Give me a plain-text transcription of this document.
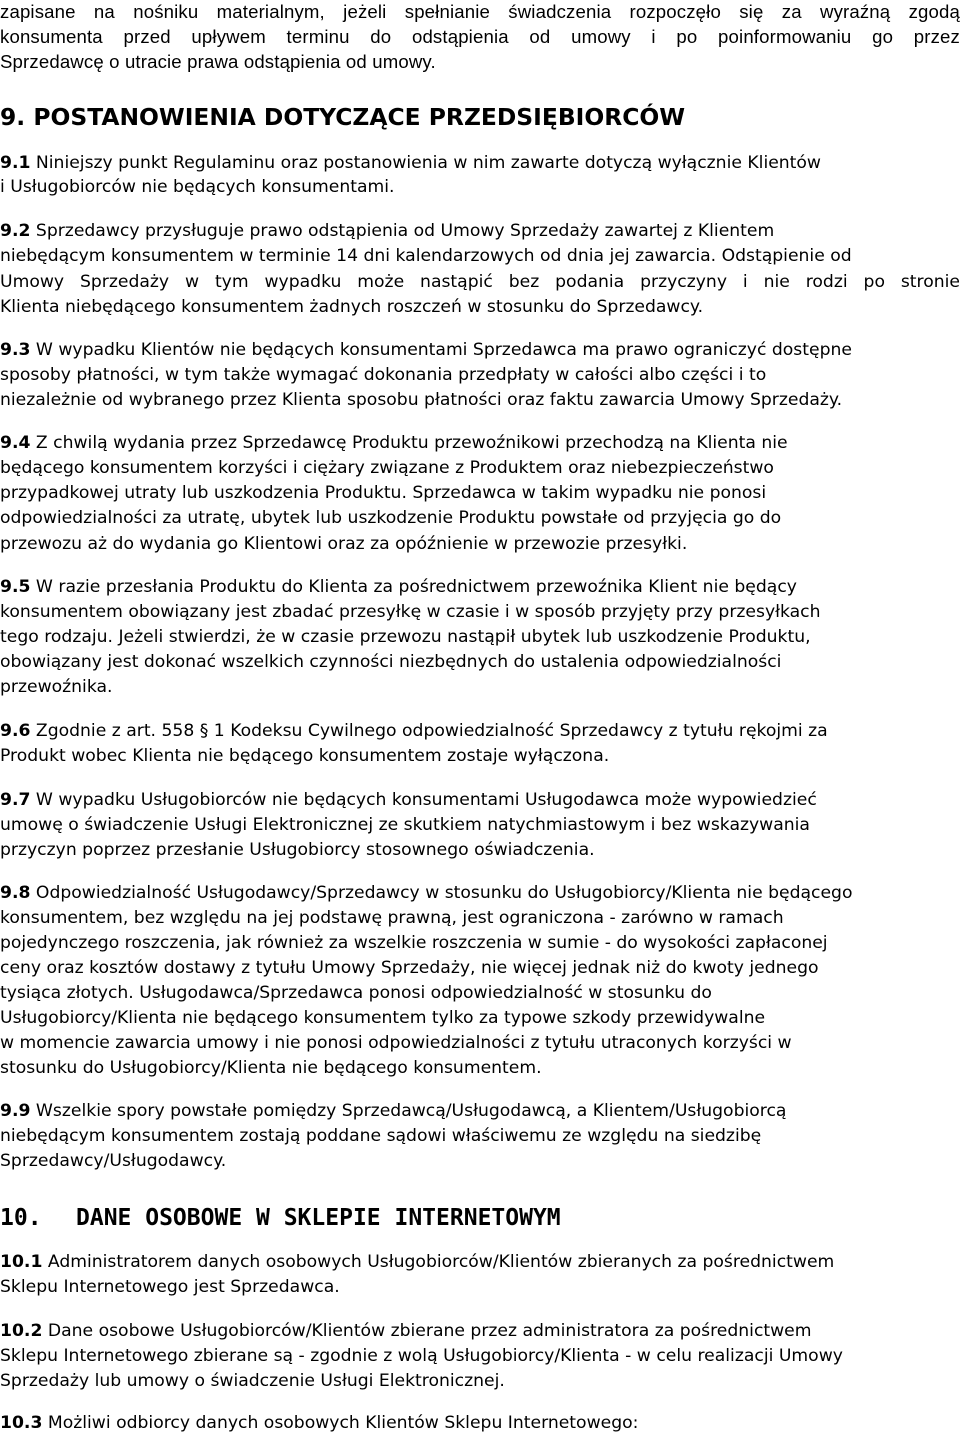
zapisane na nośniku materialnym, jeżeli spełnianie świadczenia rozpoczęło się za wyraźną zgodą
konsumenta przed upływem terminu do odstąpienia od umowy i po poinformowaniu go przez
Sprzedawcę o utracie prawa odstąpienia od umowy.
9. POSTANOWIENIA DOTYCZĄCE PRZEDSIĘBIORCÓW
9.1 Niniejszy punkt Regulaminu oraz postanowienia w nim zawarte dotyczą wyłącznie Klientów
i Usługobiorców nie będących konsumentami.
9.2 Sprzedawcy przysługuje prawo odstąpienia od Umowy Sprzedaży zawartej z Klientem
niebędącym konsumentem w terminie 14 dni kalendarzowych od dnia jej zawarcia. Odstąpienie od
Umowy Sprzedaży w tym wypadku może nastąpić bez podania przyczyny i nie rodzi po stronie
Klienta niebędącego konsumentem żadnych roszczeń w stosunku do Sprzedawcy.
9.3 W wypadku Klientów nie będących konsumentami Sprzedawca ma prawo ograniczyć dostępne
sposoby płatności, w tym także wymagać dokonania przedpłaty w całości albo części i to
niezależnie od wybranego przez Klienta sposobu płatności oraz faktu zawarcia Umowy Sprzedaży.
9.4 Z chwilą wydania przez Sprzedawcę Produktu przewoźnikowi przechodzą na Klienta nie
będącego konsumentem korzyści i ciężary związane z Produktem oraz niebezpieczeństwo
przypadkowej utraty lub uszkodzenia Produktu. Sprzedawca w takim wypadku nie ponosi
odpowiedzialności za utratę, ubytek lub uszkodzenie Produktu powstałe od przyjęcia go do
przewozu aż do wydania go Klientowi oraz za opóźnienie w przewozie przesyłki.
9.5 W razie przesłania Produktu do Klienta za pośrednictwem przewoźnika Klient nie będący
konsumentem obowiązany jest zbadać przesyłkę w czasie i w sposób przyjęty przy przesyłkach
tego rodzaju. Jeżeli stwierdzi, że w czasie przewozu nastąpił ubytek lub uszkodzenie Produktu,
obowiązany jest dokonać wszelkich czynności niezbędnych do ustalenia odpowiedzialności
przewoźnika.
9.6 Zgodnie z art. 558 § 1 Kodeksu Cywilnego odpowiedzialność Sprzedawcy z tytułu rękojmi za
Produkt wobec Klienta nie będącego konsumentem zostaje wyłączona.
9.7 W wypadku Usługobiorców nie będących konsumentami Usługodawca może wypowiedzieć
umowę o świadczenie Usługi Elektronicznej ze skutkiem natychmiastowym i bez wskazywania
przyczyn poprzez przesłanie Usługobiorcy stosownego oświadczenia.
9.8 Odpowiedzialność Usługodawcy/Sprzedawcy w stosunku do Usługobiorcy/Klienta nie będącego
konsumentem, bez względu na jej podstawę prawną, jest ograniczona - zarówno w ramach
pojedynczego roszczenia, jak również za wszelkie roszczenia w sumie - do wysokości zapłaconej
ceny oraz kosztów dostawy z tytułu Umowy Sprzedaży, nie więcej jednak niż do kwoty jednego
tysiąca złotych. Usługodawca/Sprzedawca ponosi odpowiedzialność w stosunku do
Usługobiorcy/Klienta nie będącego konsumentem tylko za typowe szkody przewidywalne
w momencie zawarcia umowy i nie ponosi odpowiedzialności z tytułu utraconych korzyści w
stosunku do Usługobiorcy/Klienta nie będącego konsumentem.
9.9 Wszelkie spory powstałe pomiędzy Sprzedawcą/Usługodawcą, a Klientem/Usługobiorcą
niebędącym konsumentem zostają poddane sądowi właściwemu ze względu na siedzibę
Sprzedawcy/Usługodawcy.
10. DANE OSOBOWE W SKLEPIE INTERNETOWYM
10.1 Administratorem danych osobowych Usługobiorców/Klientów zbieranych za pośrednictwem
Sklepu Internetowego jest Sprzedawca.
10.2 Dane osobowe Usługobiorców/Klientów zbierane przez administratora za pośrednictwem
Sklepu Internetowego zbierane są - zgodnie z wolą Usługobiorcy/Klienta - w celu realizacji Umowy
Sprzedaży lub umowy o świadczenie Usługi Elektronicznej.
10.3 Możliwi odbiorcy danych osobowych Klientów Sklepu Internetowego:
